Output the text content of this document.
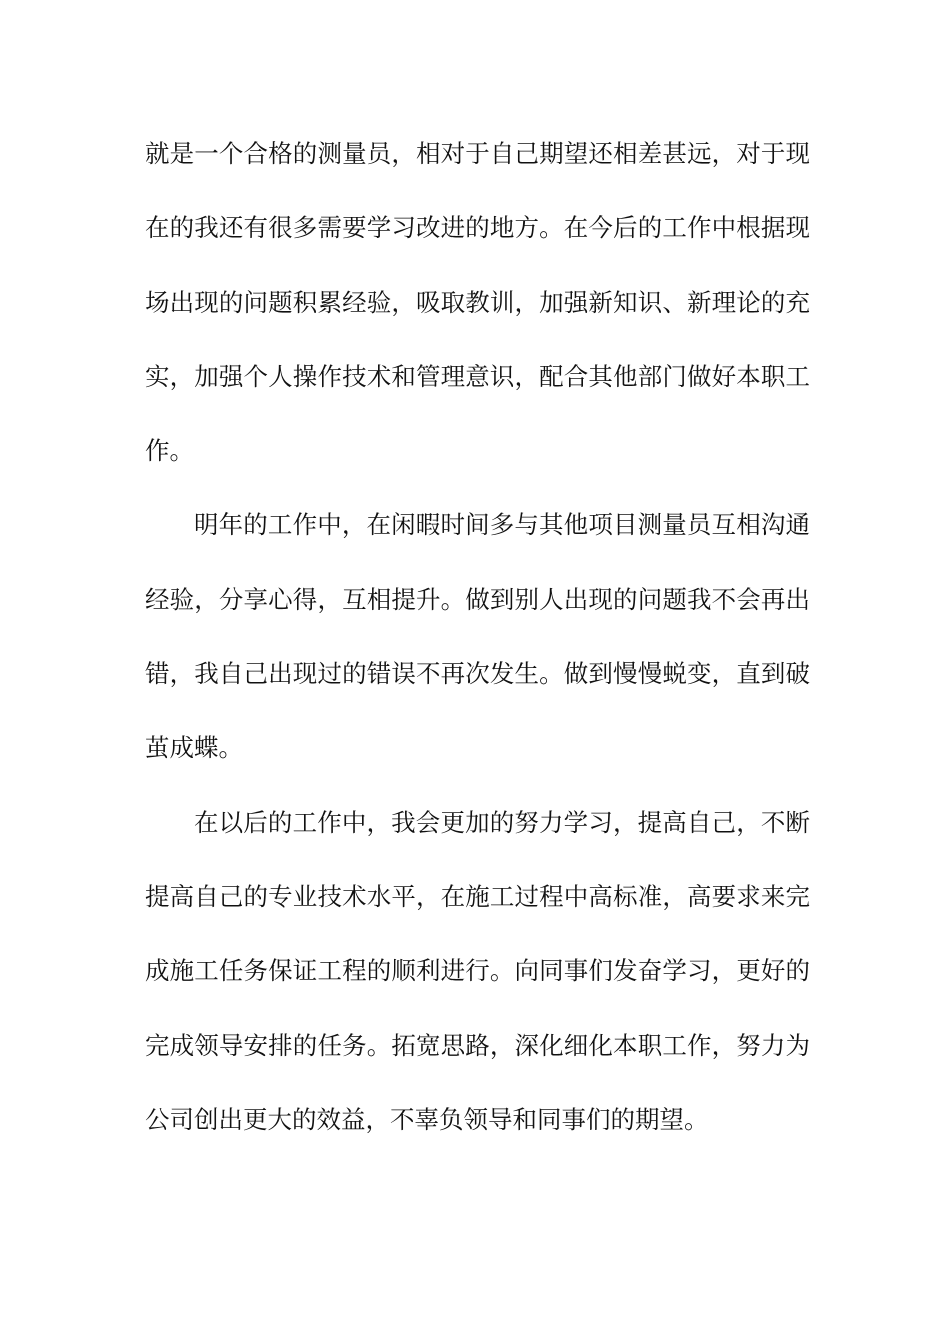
就是一个合格的测量员，相对于自己期望还相差甚远，对于现
在的我还有很多需要学习改进的地方。在今后的工作中根据现
场出现的问题积累经验，吸取教训，加强新知识、新理论的充
实，加强个人操作技术和管理意识，配合其他部门做好本职工
作。
明年的工作中，在闲暇时间多与其他项目测量员互相沟通
经验，分享心得，互相提升。做到别人出现的问题我不会再出
错，我自己出现过的错误不再次发生。做到慢慢蜕变，直到破
茧成蝶。
在以后的工作中，我会更加的努力学习，提高自己，不断
提高自己的专业技术水平，在施工过程中高标准，高要求来完
成施工任务保证工程的顺利进行。向同事们发奋学习，更好的
完成领导安排的任务。拓宽思路，深化细化本职工作，努力为
公司创出更大的效益，不辜负领导和同事们的期望。
